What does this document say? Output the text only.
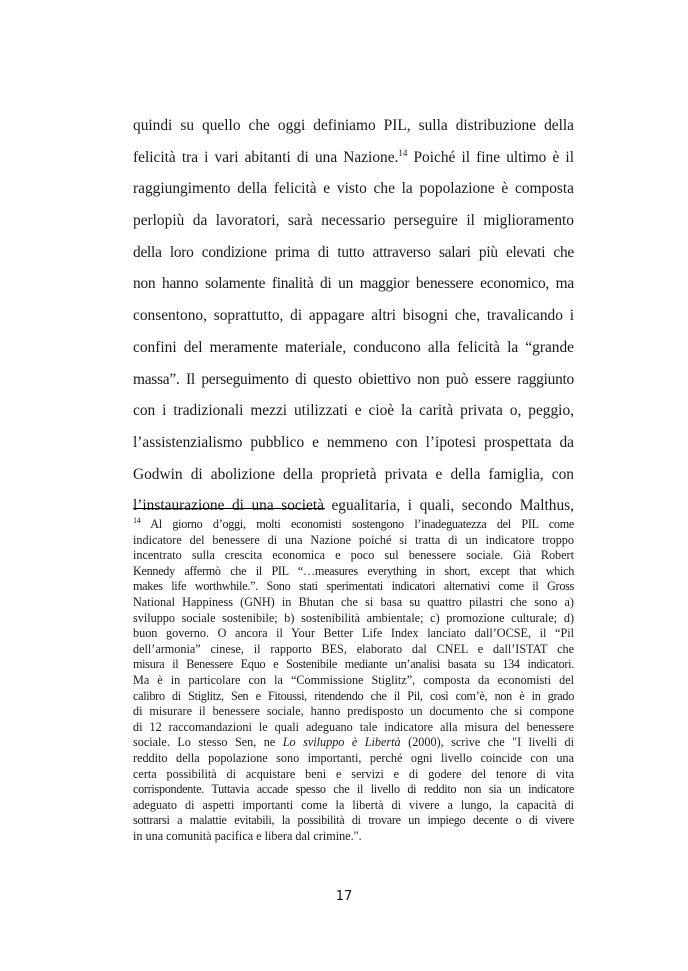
quindi su quello che oggi definiamo PIL, sulla distribuzione della
felicità tra i vari abitanti di una Nazione.$^{14}$ Poiché il fine ultimo è il
raggiungimento della felicità e visto che la popolazione è composta
perlopiù da lavoratori, sarà necessario perseguire il miglioramento
della loro condizione prima di tutto attraverso salari più elevati che
non hanno solamente finalità di un maggior benessere economico, ma
consentono, soprattutto, di appagare altri bisogni che, travalicando i
confini del meramente materiale, conducono alla felicità la “grande
massa”. Il perseguimento di questo obiettivo non può essere raggiunto
con i tradizionali mezzi utilizzati e cioè la carità privata o, peggio,
l’assistenzialismo pubblico e nemmeno con l’ipotesi prospettata da
Godwin di abolizione della proprietà privata e della famiglia, con
l’instaurazione di una società egualitaria, i quali, secondo Malthus,
$^{14}$ Al giorno d’oggi, molti economisti sostengono l’inadeguatezza del PIL come
indicatore del benessere di una Nazione poiché si tratta di un indicatore troppo
incentrato sulla crescita economica e poco sul benessere sociale. Già Robert
Kennedy affermò che il PIL “…measures everything in short, except that which
makes life worthwhile.”. Sono stati sperimentati indicatori alternativi come il Gross
National Happiness (GNH) in Bhutan che si basa su quattro pilastri che sono a)
sviluppo sociale sostenibile; b) sostenibilità ambientale; c) promozione culturale; d)
buon governo. O ancora il Your Better Life Index lanciato dall’OCSE, il “Pil
dell’armonia” cinese, il rapporto BES, elaborato dal CNEL e dall’ISTAT che
misura il Benessere Equo e Sostenibile mediante un’analisi basata su 134 indicatori.
Ma è in particolare con la “Commissione Stiglitz”, composta da economisti del
calibro di Stiglitz, Sen e Fitoussi, ritendendo che il Pil, così com’è, non è in grado
di misurare il benessere sociale, hanno predisposto un documento che si compone
di 12 raccomandazioni le quali adeguano tale indicatore alla misura del benessere
sociale. Lo stesso Sen, ne Lo sviluppo è Libertà (2000), scrive che "I livelli di
reddito della popolazione sono importanti, perché ogni livello coincide con una
certa possibilità di acquistare beni e servizi e di godere del tenore di vita
corrispondente. Tuttavia accade spesso che il livello di reddito non sia un indicatore
adeguato di aspetti importanti come la libertà di vivere a lungo, la capacità di
sottrarsi a malattie evitabili, la possibilità di trovare un impiego decente o di vivere
in una comunità pacifica e libera dal crimine.".
17
